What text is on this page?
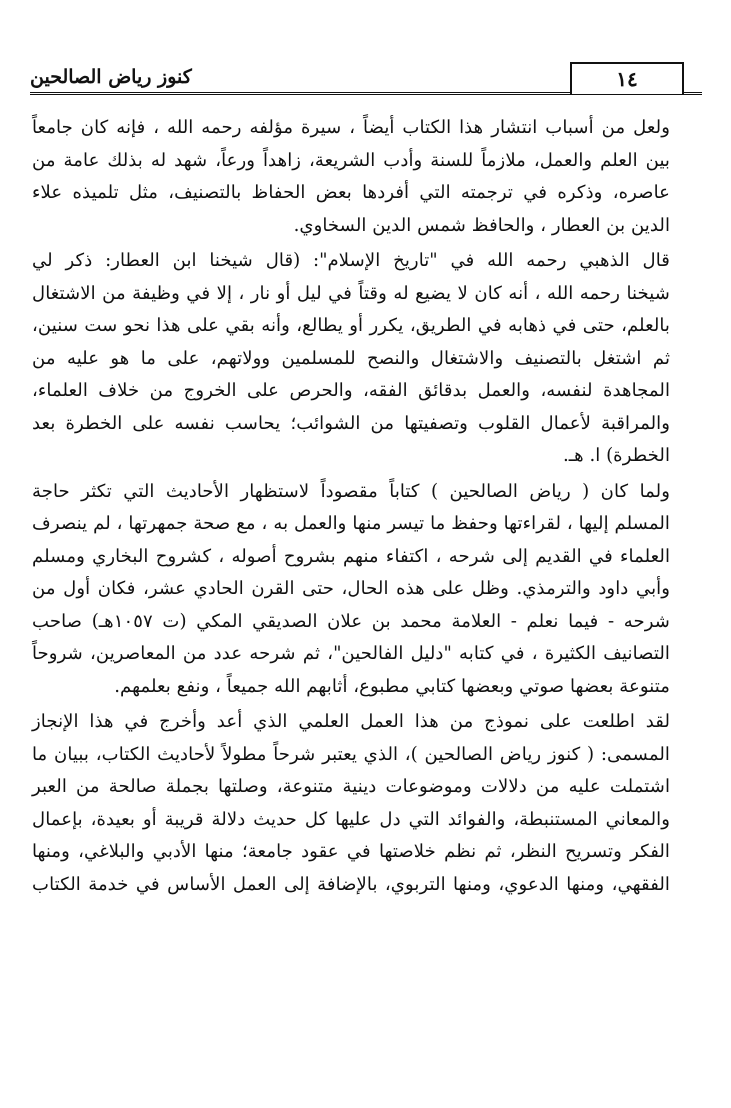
كنوز رياض الصالحين	١٤

ولعل من أسباب انتشار هذا الكتاب أيضاً ، سيرة مؤلفه رحمه الله ، فإنه كان جامعاً
بين العلم والعمل، ملازماً للسنة وأدب الشريعة، زاهداً ورعاً، شهد له بذلك عامة من
عاصره، وذكره في ترجمته التي أفردها بعض الحفاظ بالتصنيف، مثل تلميذه علاء
الدين بن العطار ، والحافظ شمس الدين السخاوي.

قال الذهبي رحمه الله في "تاريخ الإسلام": (قال شيخنا ابن العطار: ذكر لي
شيخنا رحمه الله ، أنه كان لا يضيع له وقتاً في ليل أو نار ، إلا في وظيفة من الاشتغال
بالعلم، حتى في ذهابه في الطريق، يكرر أو يطالع، وأنه بقي على هذا نحو ست سنين،
ثم اشتغل بالتصنيف والاشتغال والنصح للمسلمين وولاتهم، على ما هو عليه من
المجاهدة لنفسه، والعمل بدقائق الفقه، والحرص على الخروج من خلاف العلماء،
والمراقبة لأعمال القلوب وتصفيتها من الشوائب؛ يحاسب نفسه على الخطرة بعد
الخطرة) ا. هـ.

ولما كان ( رياض الصالحين ) كتاباً مقصوداً لاستظهار الأحاديث التي تكثر حاجة
المسلم إليها ، لقراءتها وحفظ ما تيسر منها والعمل به ، مع صحة جمهرتها ، لم ينصرف
العلماء في القديم إلى شرحه ، اكتفاء منهم بشروح أصوله ، كشروح البخاري ومسلم
وأبي داود والترمذي. وظل على هذه الحال، حتى القرن الحادي عشر، فكان أول من
شرحه - فيما نعلم - العلامة محمد بن علان الصديقي المكي (ت ١٠٥٧هـ) صاحب
التصانيف الكثيرة ، في كتابه "دليل الفالحين"، ثم شرحه عدد من المعاصرين، شروحاً
متنوعة بعضها صوتي وبعضها كتابي مطبوع، أثابهم الله جميعاً ، ونفع بعلمهم.

لقد اطلعت على نموذج من هذا العمل العلمي الذي أعد وأخرج في هذا الإنجاز
المسمى: ( كنوز رياض الصالحين )، الذي يعتبر شرحاً مطولاً لأحاديث الكتاب، ببيان ما
اشتملت عليه من دلالات وموضوعات دينية متنوعة، وصلتها بجملة صالحة من العبر
والمعاني المستنبطة، والفوائد التي دل عليها كل حديث دلالة قريبة أو بعيدة، بإعمال
الفكر وتسريح النظر، ثم نظم خلاصتها في عقود جامعة؛ منها الأدبي والبلاغي، ومنها
الفقهي، ومنها الدعوي، ومنها التربوي، بالإضافة إلى العمل الأساس في خدمة الكتاب
